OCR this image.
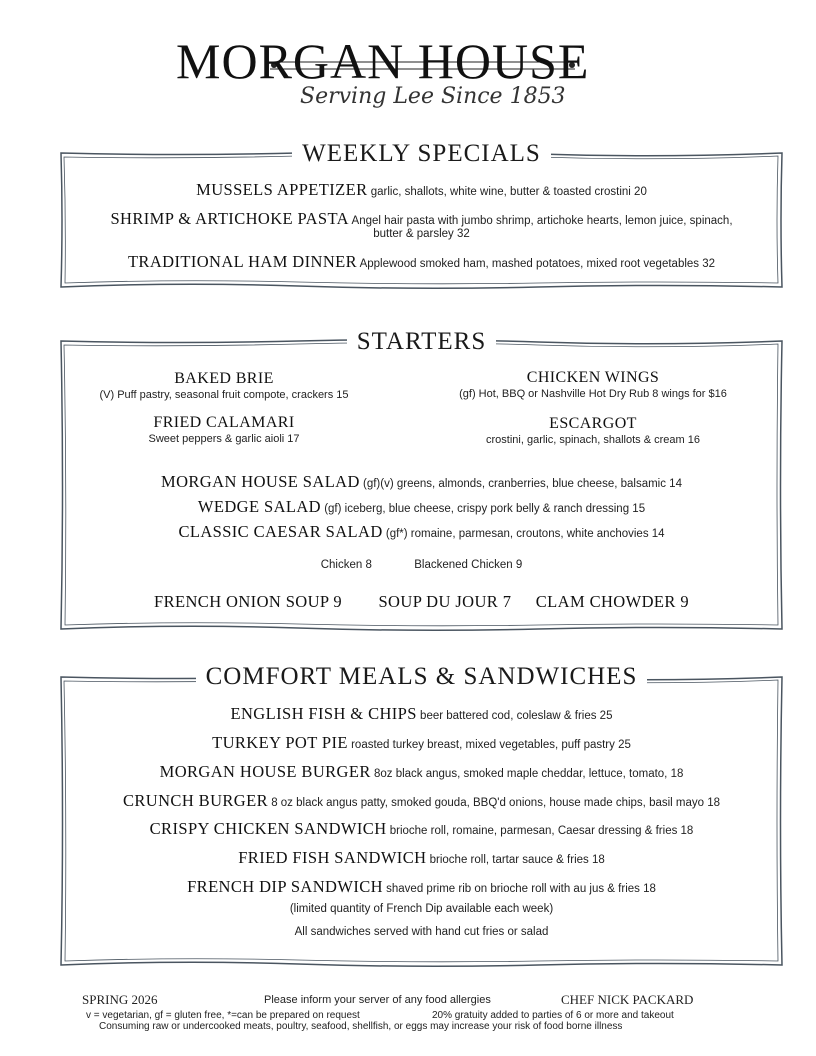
MORGAN HOUSE
Serving Lee Since 1853
WEEKLY SPECIALS
MUSSELS APPETIZER garlic, shallots, white wine, butter & toasted crostini 20
SHRIMP & ARTICHOKE PASTA Angel hair pasta with jumbo shrimp, artichoke hearts, lemon juice, spinach,
butter & parsley 32
TRADITIONAL HAM DINNER Applewood smoked ham, mashed potatoes, mixed root vegetables 32
STARTERS
BAKED BRIE
(V) Puff pastry, seasonal fruit compote, crackers 15
CHICKEN WINGS
(gf) Hot, BBQ or Nashville Hot Dry Rub 8 wings for $16
FRIED CALAMARI
Sweet peppers & garlic aioli 17
ESCARGOT
crostini, garlic, spinach, shallots & cream 16
MORGAN HOUSE SALAD (gf)(v) greens, almonds, cranberries, blue cheese, balsamic 14
WEDGE SALAD (gf) iceberg, blue cheese, crispy pork belly & ranch dressing 15
CLASSIC CAESAR SALAD (gf*) romaine, parmesan, croutons, white anchovies 14
Chicken 8	Blackened Chicken 9
FRENCH ONION SOUP 9 SOUP DU JOUR 7 CLAM CHOWDER 9
COMFORT MEALS & SANDWICHES
ENGLISH FISH & CHIPS beer battered cod, coleslaw & fries 25
TURKEY POT PIE roasted turkey breast, mixed vegetables, puff pastry 25
MORGAN HOUSE BURGER 8oz black angus, smoked maple cheddar, lettuce, tomato, 18
CRUNCH BURGER 8 oz black angus patty, smoked gouda, BBQ'd onions, house made chips, basil mayo 18
CRISPY CHICKEN SANDWICH brioche roll, romaine, parmesan, Caesar dressing & fries 18
FRIED FISH SANDWICH brioche roll, tartar sauce & fries 18
FRENCH DIP SANDWICH shaved prime rib on brioche roll with au jus & fries 18
(limited quantity of French Dip available each week)
All sandwiches served with hand cut fries or salad
SPRING 2026	Please inform your server of any food allergies	CHEF NICK PACKARD
v = vegetarian, gf = gluten free, *=can be prepared on request	20% gratuity added to parties of 6 or more and takeout
Consuming raw or undercooked meats, poultry, seafood, shellfish, or eggs may increase your risk of food borne illness
